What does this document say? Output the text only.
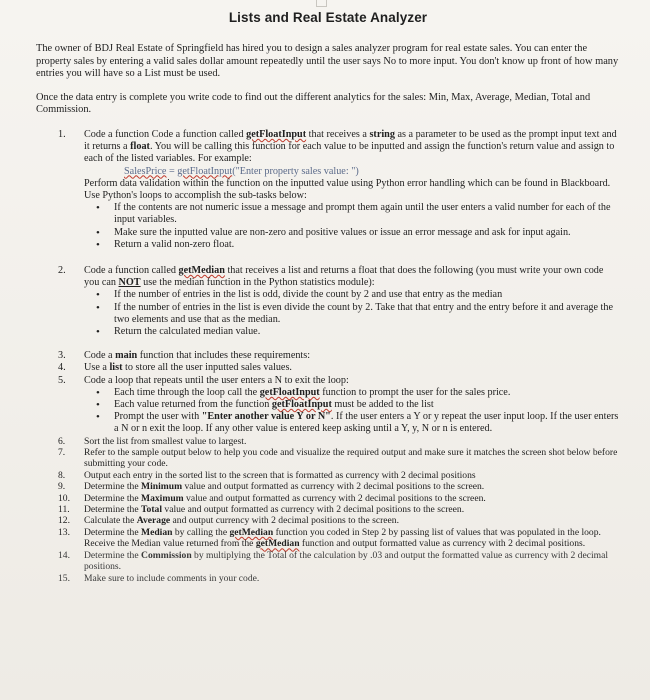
Lists and Real Estate Analyzer

The owner of BDJ Real Estate of Springfield has hired you to design a sales analyzer program for real estate sales. You can enter the property sales by entering a valid sales dollar amount repeatedly until the user says No to more input. You don't know up front of how many entries you will have so a List must be used.

Once the data entry is complete you write code to find out the different analytics for the sales: Min, Max, Average, Median, Total and Commission.

1. Code a function Code a function called getFloatInput that receives a string as a parameter to be used as the prompt input text and it returns a float. You will be calling this function for each value to be inputted and assign the function's return value and assign to each of the listed variables. For example:
SalesPrice = getFloatInput("Enter property sales value: ")
Perform data validation within the function on the inputted value using Python error handling which can be found in Blackboard. Use Python's loops to accomplish the sub-tasks below:
• If the contents are not numeric issue a message and prompt them again until the user enters a valid number for each of the input variables.
• Make sure the inputted value are non-zero and positive values or issue an error message and ask for input again.
• Return a valid non-zero float.
2. Code a function called getMedian that receives a list and returns a float that does the following (you must write your own code you can NOT use the median function in the Python statistics module):
• If the number of entries in the list is odd, divide the count by 2 and use that entry as the median
• If the number of entries in the list is even divide the count by 2. Take that that entry and the entry before it and average the two elements and use that as the median.
• Return the calculated median value.
3. Code a main function that includes these requirements:
4. Use a list to store all the user inputted sales values.
5. Code a loop that repeats until the user enters a N to exit the loop:
• Each time through the loop call the getFloatInput function to prompt the user for the sales price.
• Each value returned from the function getFloatInput must be added to the list
• Prompt the user with "Enter another value Y or N". If the user enters a Y or y repeat the user input loop. If the user enters a N or n exit the loop. If any other value is entered keep asking until a Y, y, N or n is entered.
6. Sort the list from smallest value to largest.
7. Refer to the sample output below to help you code and visualize the required output and make sure it matches the screen shot below before submitting your code.
8. Output each entry in the sorted list to the screen that is formatted as currency with 2 decimal positions
9. Determine the Minimum value and output formatted as currency with 2 decimal positions to the screen.
10. Determine the Maximum value and output formatted as currency with 2 decimal positions to the screen.
11. Determine the Total value and output formatted as currency with 2 decimal positions to the screen.
12. Calculate the Average and output currency with 2 decimal positions to the screen.
13. Determine the Median by calling the getMedian function you coded in Step 2 by passing list of values that was populated in the loop. Receive the Median value returned from the getMedian function and output formatted value as currency with 2 decimal positions.
14. Determine the Commission by multiplying the Total of the calculation by .03 and output the formatted value as currency with 2 decimal positions.
15. Make sure to include comments in your code.
